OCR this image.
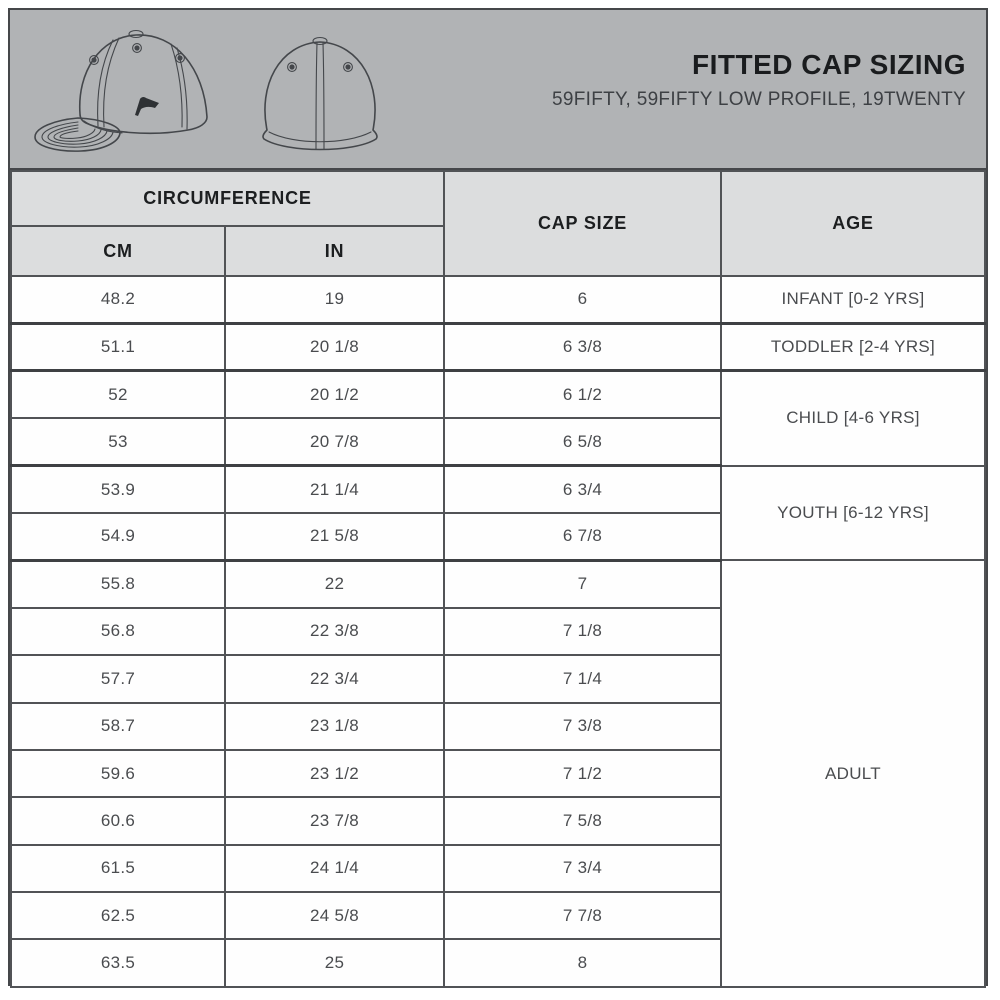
FITTED CAP SIZING
59FIFTY, 59FIFTY LOW PROFILE, 19TWENTY
CIRCUMFERENCE		CAP SIZE	AGE
CM	IN		
48.2	19	6	INFANT [0-2 YRS]
51.1	20 1/8	6 3/8	TODDLER [2-4 YRS]
52	20 1/2	6 1/2	CHILD [4-6 YRS]
53	20 7/8	6 5/8	
53.9	21 1/4	6 3/4	YOUTH [6-12 YRS]
54.9	21 5/8	6 7/8	
55.8	22	7	ADULT
56.8	22 3/8	7 1/8	
57.7	22 3/4	7 1/4	
58.7	23 1/8	7 3/8	
59.6	23 1/2	7 1/2	
60.6	23 7/8	7 5/8	
61.5	24 1/4	7 3/4	
62.5	24 5/8	7 7/8	
63.5	25	8	
